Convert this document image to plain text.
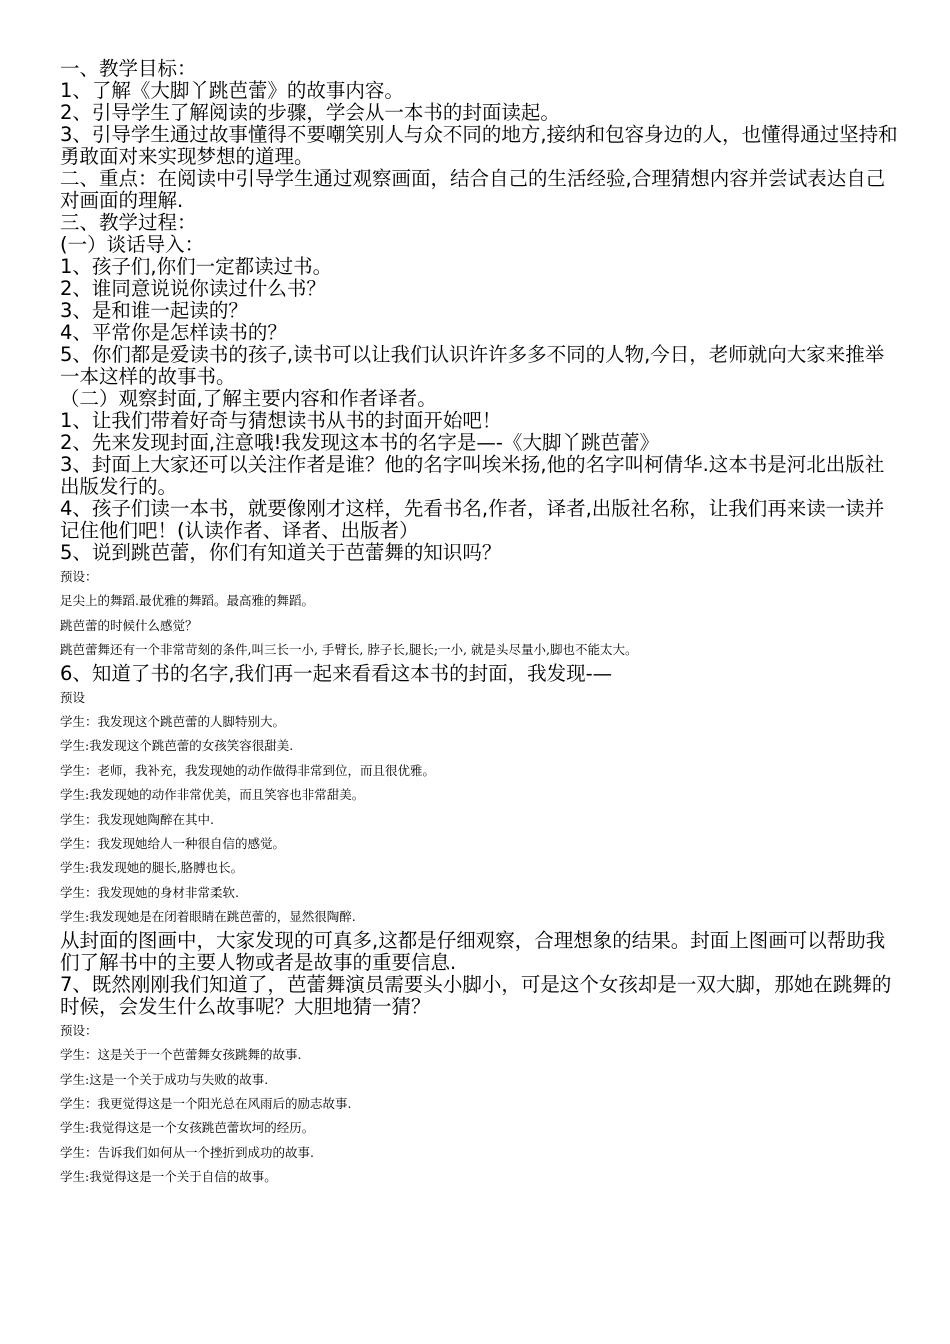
一、教学目标：
1、了解《大脚丫跳芭蕾》的故事内容。
2、引导学生了解阅读的步骤，学会从一本书的封面读起。
3、引导学生通过故事懂得不要嘲笑别人与众不同的地方,接纳和包容身边的人，也懂得通过坚持和勇敢面对来实现梦想的道理。
二、重点：在阅读中引导学生通过观察画面，结合自己的生活经验,合理猜想内容并尝试表达自己对画面的理解.
三、教学过程：
(一）谈话导入：
1、孩子们,你们一定都读过书。
2、谁同意说说你读过什么书？
3、是和谁一起读的？
4、平常你是怎样读书的？
5、你们都是爱读书的孩子,读书可以让我们认识许许多多不同的人物,今日，老师就向大家来推举一本这样的故事书。
（二）观察封面,了解主要内容和作者译者。
1、让我们带着好奇与猜想读书从书的封面开始吧！
2、先来发现封面,注意哦!我发现这本书的名字是—-《大脚丫跳芭蕾》
3、封面上大家还可以关注作者是谁？他的名字叫埃米扬,他的名字叫柯倩华.这本书是河北出版社出版发行的。
4、孩子们读一本书，就要像刚才这样，先看书名,作者，译者,出版社名称，让我们再来读一读并记住他们吧！(认读作者、译者、出版者）
5、说到跳芭蕾，你们有知道关于芭蕾舞的知识吗？
预设：
足尖上的舞蹈.最优雅的舞蹈。最高雅的舞蹈。
跳芭蕾的时候什么感觉？
跳芭蕾舞还有一个非常苛刻的条件,叫三长一小, 手臂长, 脖子长,腿长;一小, 就是头尽量小,脚也不能太大。
6、知道了书的名字,我们再一起来看看这本书的封面，我发现-—
预设
学生：我发现这个跳芭蕾的人脚特别大。
学生:我发现这个跳芭蕾的女孩笑容很甜美.
学生：老师，我补充，我发现她的动作做得非常到位，而且很优雅。
学生:我发现她的动作非常优美，而且笑容也非常甜美。
学生：我发现她陶醉在其中.
学生：我发现她给人一种很自信的感觉。
学生:我发现她的腿长,胳膊也长。
学生：我发现她的身材非常柔软.
学生:我发现她是在闭着眼睛在跳芭蕾的，显然很陶醉.
从封面的图画中，大家发现的可真多,这都是仔细观察，合理想象的结果。封面上图画可以帮助我们了解书中的主要人物或者是故事的重要信息.
7、既然刚刚我们知道了，芭蕾舞演员需要头小脚小，可是这个女孩却是一双大脚，那她在跳舞的时候，会发生什么故事呢？大胆地猜一猜？
预设：
学生：这是关于一个芭蕾舞女孩跳舞的故事.
学生:这是一个关于成功与失败的故事.
学生：我更觉得这是一个阳光总在风雨后的励志故事.
学生:我觉得这是一个女孩跳芭蕾坎坷的经历。
学生：告诉我们如何从一个挫折到成功的故事.
学生:我觉得这是一个关于自信的故事。
